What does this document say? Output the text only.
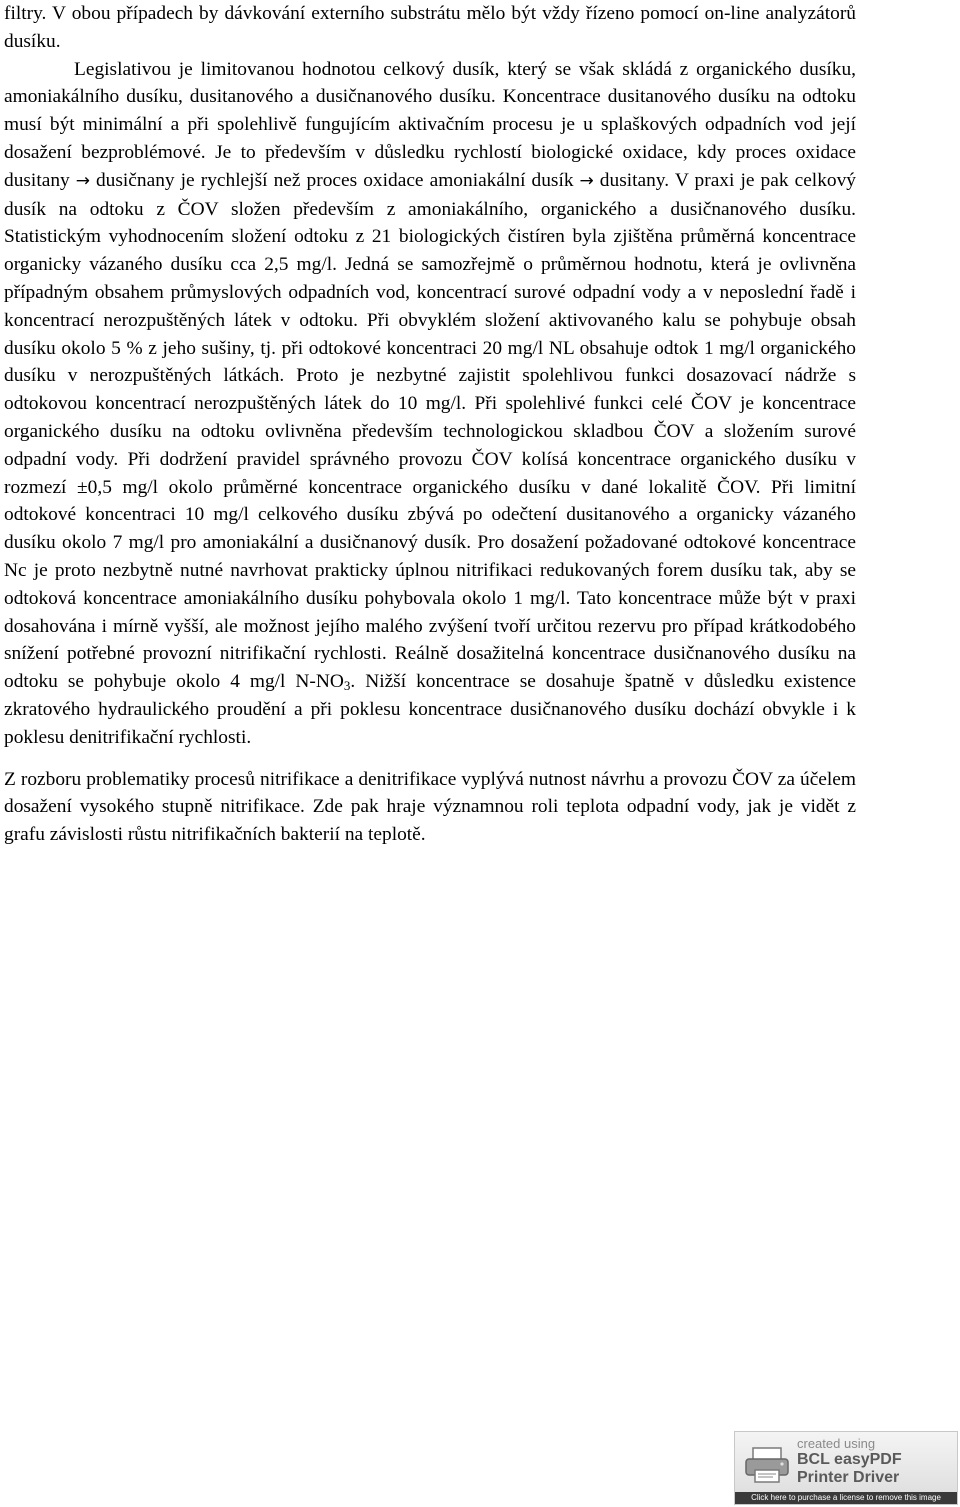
filtry. V obou případech by dávkování externího substrátu mělo být vždy řízeno pomocí on-line analyzátorů dusíku.

Legislativou je limitovanou hodnotou celkový dusík, který se však skládá z organického dusíku, amoniakálního dusíku, dusitanového a dusičnanového dusíku. Koncentrace dusitanového dusíku na odtoku musí být minimální a při spolehlivě fungujícím aktivačním procesu je u splaškových odpadních vod její dosažení bezproblémové. Je to především v důsledku rychlostí biologické oxidace, kdy proces oxidace dusitany → dusičnany je rychlejší než proces oxidace amoniakální dusík → dusitany. V praxi je pak celkový dusík na odtoku z ČOV složen především z amoniakálního, organického a dusičnanového dusíku. Statistickým vyhodnocením složení odtoku z 21 biologických čistíren byla zjištěna průměrná koncentrace organicky vázaného dusíku cca 2,5 mg/l. Jedná se samozřejmě o průměrnou hodnotu, která je ovlivněna případným obsahem průmyslových odpadních vod, koncentrací surové odpadní vody a v neposlední řadě i koncentrací nerozpuštěných látek v odtoku. Při obvyklém složení aktivovaného kalu se pohybuje obsah dusíku okolo 5 % z jeho sušiny, tj. při odtokové koncentraci 20 mg/l NL obsahuje odtok 1 mg/l organického dusíku v nerozpuštěných látkách. Proto je nezbytné zajistit spolehlivou funkci dosazovací nádrže s odtokovou koncentrací nerozpuštěných látek do 10 mg/l. Při spolehlivé funkci celé ČOV je koncentrace organického dusíku na odtoku ovlivněna především technologickou skladbou ČOV a složením surové odpadní vody. Při dodržení pravidel správného provozu ČOV kolísá koncentrace organického dusíku v rozmezí ±0,5 mg/l okolo průměrné koncentrace organického dusíku v dané lokalitě ČOV. Při limitní odtokové koncentraci 10 mg/l celkového dusíku zbývá po odečtení dusitanového a organicky vázaného dusíku okolo 7 mg/l pro amoniakální a dusičnanový dusík. Pro dosažení požadované odtokové koncentrace Nc je proto nezbytně nutné navrhovat prakticky úplnou nitrifikaci redukovaných forem dusíku tak, aby se odtoková koncentrace amoniakálního dusíku pohybovala okolo 1 mg/l. Tato koncentrace může být v praxi dosahována i mírně vyšší, ale možnost jejího malého zvýšení tvoří určitou rezervu pro případ krátkodobého snížení potřebné provozní nitrifikační rychlosti. Reálně dosažitelná koncentrace dusičnanového dusíku na odtoku se pohybuje okolo 4 mg/l $N-NO_3$. Nižší koncentrace se dosahuje špatně v důsledku existence zkratového hydraulického proudění a při poklesu koncentrace dusičnanového dusíku dochází obvykle i k poklesu denitrifikační rychlosti.

Z rozboru problematiky procesů nitrifikace a denitrifikace vyplývá nutnost návrhu a provozu ČOV za účelem dosažení vysokého stupně nitrifikace. Zde pak hraje významnou roli teplota odpadní vody, jak je vidět z grafu závislosti růstu nitrifikačních bakterií na teplotě.

created using
BCL easyPDF
Printer Driver
Click here to purchase a license to remove this image
